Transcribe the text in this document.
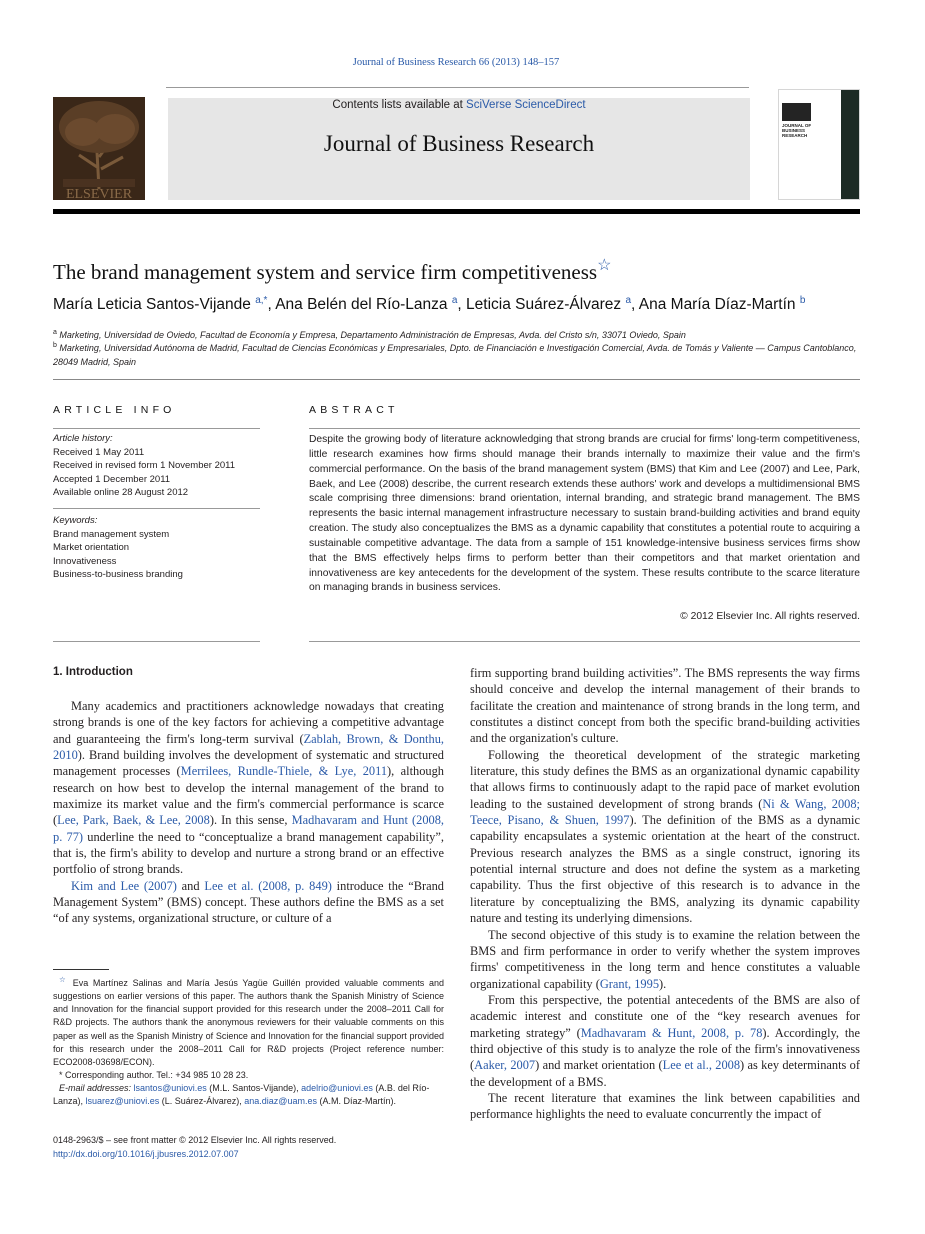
Journal of Business Research 66 (2013) 148–157
ELSEVIER
Contents lists available at SciVerse ScienceDirect
Journal of Business Research
JOURNAL OF BUSINESS RESEARCH
The brand management system and service firm competitiveness☆
María Leticia Santos-Vijande $^{a,*}$, Ana Belén del Río-Lanza $^a$, Leticia Suárez-Álvarez $^a$, Ana María Díaz-Martín $^b$
$^a$ Marketing, Universidad de Oviedo, Facultad de Economía y Empresa, Departamento Administración de Empresas, Avda. del Cristo s/n, 33071 Oviedo, Spain
$^b$ Marketing, Universidad Autónoma de Madrid, Facultad de Ciencias Económicas y Empresariales, Dpto. de Financiación e Investigación Comercial, Avda. de Tomás y Valiente — Campus Cantoblanco, 28049 Madrid, Spain
ARTICLE INFO	ABSTRACT
Article history:
Received 1 May 2011
Received in revised form 1 November 2011
Accepted 1 December 2011
Available online 28 August 2012
Keywords:
Brand management system
Market orientation
Innovativeness
Business-to-business branding
Despite the growing body of literature acknowledging that strong brands are crucial for firms' long-term competitiveness, little research examines how firms should manage their brands internally to maximize their value and the firm's commercial performance. On the basis of the brand management system (BMS) that Kim and Lee (2007) and Lee, Park, Baek, and Lee (2008) describe, the current research extends these authors' work and develops a multidimensional BMS scale comprising three dimensions: brand orientation, internal branding, and strategic brand management. The BMS represents the basic internal management infrastructure necessary to sustain brand-building activities and brand equity creation. The study also conceptualizes the BMS as a dynamic capability that constitutes a potential route to acquiring a sustainable competitive advantage. The data from a sample of 151 knowledge-intensive business services firms show that the BMS effectively helps firms to perform better than their competitors and that market orientation and innovativeness are key antecedents for the development of the system. These results contribute to the scarce literature on managing brands in business services.
© 2012 Elsevier Inc. All rights reserved.
1. Introduction

Many academics and practitioners acknowledge nowadays that creating strong brands is one of the key factors for achieving a competitive advantage and guaranteeing the firm's long-term survival (Zablah, Brown, & Donthu, 2010). Brand building involves the development of systematic and structured management processes (Merrilees, Rundle-Thiele, & Lye, 2011), although research on how best to develop the internal management of the brand to maximize its market value and the firm's commercial performance is scarce (Lee, Park, Baek, & Lee, 2008). In this sense, Madhavaram and Hunt (2008, p. 77) underline the need to “conceptualize a brand management capability”, that is, the firm's ability to develop and nurture a strong brand or an effective portfolio of strong brands.

Kim and Lee (2007) and Lee et al. (2008, p. 849) introduce the “Brand Management System” (BMS) concept. These authors define the BMS as a set “of any systems, organizational structure, or culture of a

firm supporting brand building activities”. The BMS represents the way firms should conceive and develop the internal management of their brands to facilitate the creation and maintenance of strong brands in the long term, and constitutes a distinct concept from both the specific brand-building activities and the organization's culture.

Following the theoretical development of the strategic marketing literature, this study defines the BMS as an organizational dynamic capability that allows firms to continuously adapt to the rapid pace of market evolution leading to the sustained development of strong brands (Ni & Wang, 2008; Teece, Pisano, & Shuen, 1997). The definition of the BMS as a dynamic capability encapsulates a systemic orientation at the heart of the construct. Previous research analyzes the BMS as a single construct, ignoring its potential internal structure and does not define the system as a marketing capability. Thus the first objective of this research is to advance in the literature by conceptualizing the BMS, analyzing its dynamic capability nature and testing its underlying dimensions.

The second objective of this study is to examine the relation between the BMS and firm performance in order to verify whether the system improves firms' competitiveness in the long term and hence constitutes a valuable organizational capability (Grant, 1995).

From this perspective, the potential antecedents of the BMS are also of academic interest and constitute one of the “key research avenues for marketing strategy” (Madhavaram & Hunt, 2008, p. 78). Accordingly, the third objective of this study is to analyze the role of the firm's innovativeness (Aaker, 2007) and market orientation (Lee et al., 2008) as key determinants of the development of a BMS.

The recent literature that examines the link between capabilities and performance highlights the need to evaluate concurrently the impact of

☆ Eva Martínez Salinas and María Jesús Yagüe Guillén provided valuable comments and suggestions on earlier versions of this paper. The authors thank the Spanish Ministry of Science and Innovation for the financial support provided for this research under the 2008–2011 Call for R&D projects. The authors thank the anonymous reviewers for their valuable comments on this paper as well as the Spanish Ministry of Science and Innovation for the financial support provided for this research under the 2008–2011 Call for R&D projects (Project reference number: ECO2008-03698/ECON).

* Corresponding author. Tel.: +34 985 10 28 23.

E-mail addresses: lsantos@uniovi.es (M.L. Santos-Vijande), adelrio@uniovi.es (A.B. del Río-Lanza), lsuarez@uniovi.es (L. Suárez-Álvarez), ana.diaz@uam.es (A.M. Díaz-Martín).

0148-2963/$ – see front matter © 2012 Elsevier Inc. All rights reserved.
http://dx.doi.org/10.1016/j.jbusres.2012.07.007
